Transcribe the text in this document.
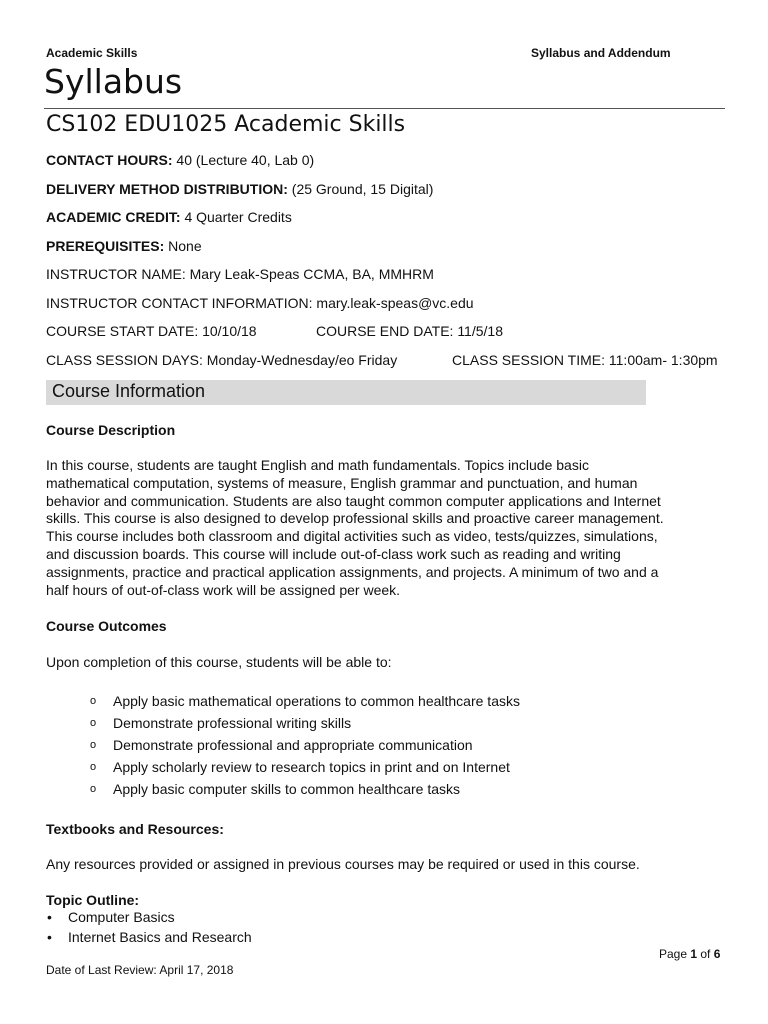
Academic Skills	Syllabus and Addendum
Syllabus
CS102 EDU1025 Academic Skills
CONTACT HOURS: 40 (Lecture 40, Lab 0)
DELIVERY METHOD DISTRIBUTION: (25 Ground, 15 Digital)
ACADEMIC CREDIT: 4 Quarter Credits
PREREQUISITES: None
INSTRUCTOR NAME: Mary Leak-Speas CCMA, BA, MMHRM
INSTRUCTOR CONTACT INFORMATION: mary.leak-speas@vc.edu
COURSE START DATE: 10/10/18	COURSE END DATE: 11/5/18
CLASS SESSION DAYS: Monday-Wednesday/eo Friday	CLASS SESSION TIME: 11:00am- 1:30pm
Course Information
Course Description
In this course, students are taught English and math fundamentals. Topics include basic
mathematical computation, systems of measure, English grammar and punctuation, and human
behavior and communication. Students are also taught common computer applications and Internet
skills. This course is also designed to develop professional skills and proactive career management.
This course includes both classroom and digital activities such as video, tests/quizzes, simulations,
and discussion boards. This course will include out-of-class work such as reading and writing
assignments, practice and practical application assignments, and projects. A minimum of two and a
half hours of out-of-class work will be assigned per week.
Course Outcomes
Upon completion of this course, students will be able to:
o Apply basic mathematical operations to common healthcare tasks
o Demonstrate professional writing skills
o Demonstrate professional and appropriate communication
o Apply scholarly review to research topics in print and on Internet
o Apply basic computer skills to common healthcare tasks
Textbooks and Resources:
Any resources provided or assigned in previous courses may be required or used in this course.
Topic Outline:
• Computer Basics
• Internet Basics and Research
Page 1 of 6
Date of Last Review: April 17, 2018
